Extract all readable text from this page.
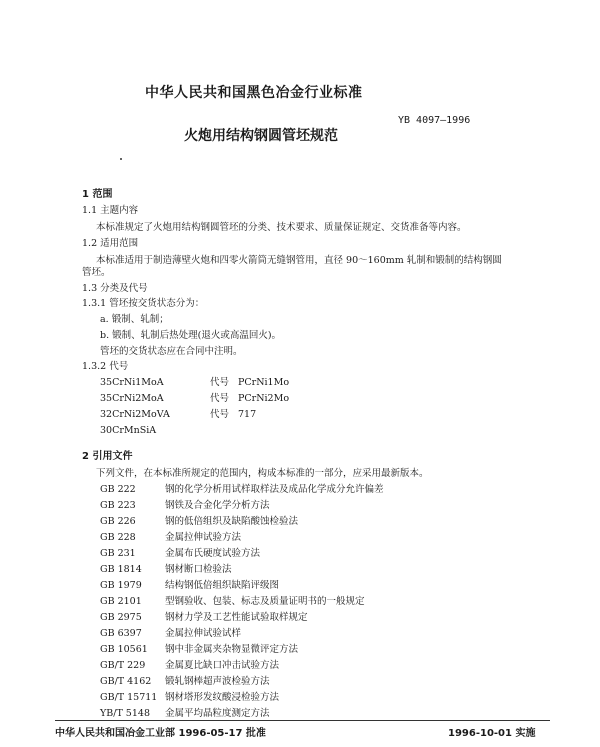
中华人民共和国黑色冶金行业标准
YB 4097—1996
火炮用结构钢圆管坯规范
1 范围
1.1 主题内容
本标准规定了火炮用结构钢圆管坯的分类、技术要求、质量保证规定、交货准备等内容。
1.2 适用范围
本标准适用于制造薄壁火炮和四零火箭筒无缝钢管用，直径 90～160mm 轧制和锻制的结构钢圆
管坯。
1.3 分类及代号
1.3.1 管坯按交货状态分为：
a. 锻制、轧制；
b. 锻制、轧制后热处理(退火或高温回火)。
管坯的交货状态应在合同中注明。
1.3.2 代号
35CrNi1MoA	代号 PCrNi1Mo
35CrNi2MoA	代号 PCrNi2Mo
32CrNi2MoVA	代号 717
30CrMnSiA
2 引用文件
下列文件，在本标准所规定的范围内，构成本标准的一部分，应采用最新版本。
GB 222	钢的化学分析用试样取样法及成品化学成分允许偏差
GB 223	钢铁及合金化学分析方法
GB 226	钢的低倍组织及缺陷酸蚀检验法
GB 228	金属拉伸试验方法
GB 231	金属布氏硬度试验方法
GB 1814 钢材断口检验法
GB 1979 结构钢低倍组织缺陷评级图
GB 2101 型钢验收、包装、标志及质量证明书的一般规定
GB 2975 钢材力学及工艺性能试验取样规定
GB 6397 金属拉伸试验试样
GB 10561 钢中非金属夹杂物显微评定方法
GB/T 229 金属夏比缺口冲击试验方法
GB/T 4162 锻轧钢棒超声波检验方法
GB/T 15711 钢材塔形发纹酸浸检验方法
YB/T 5148 金属平均晶粒度测定方法
中华人民共和国冶金工业部 1996-05-17 批准	1996-10-01 实施
